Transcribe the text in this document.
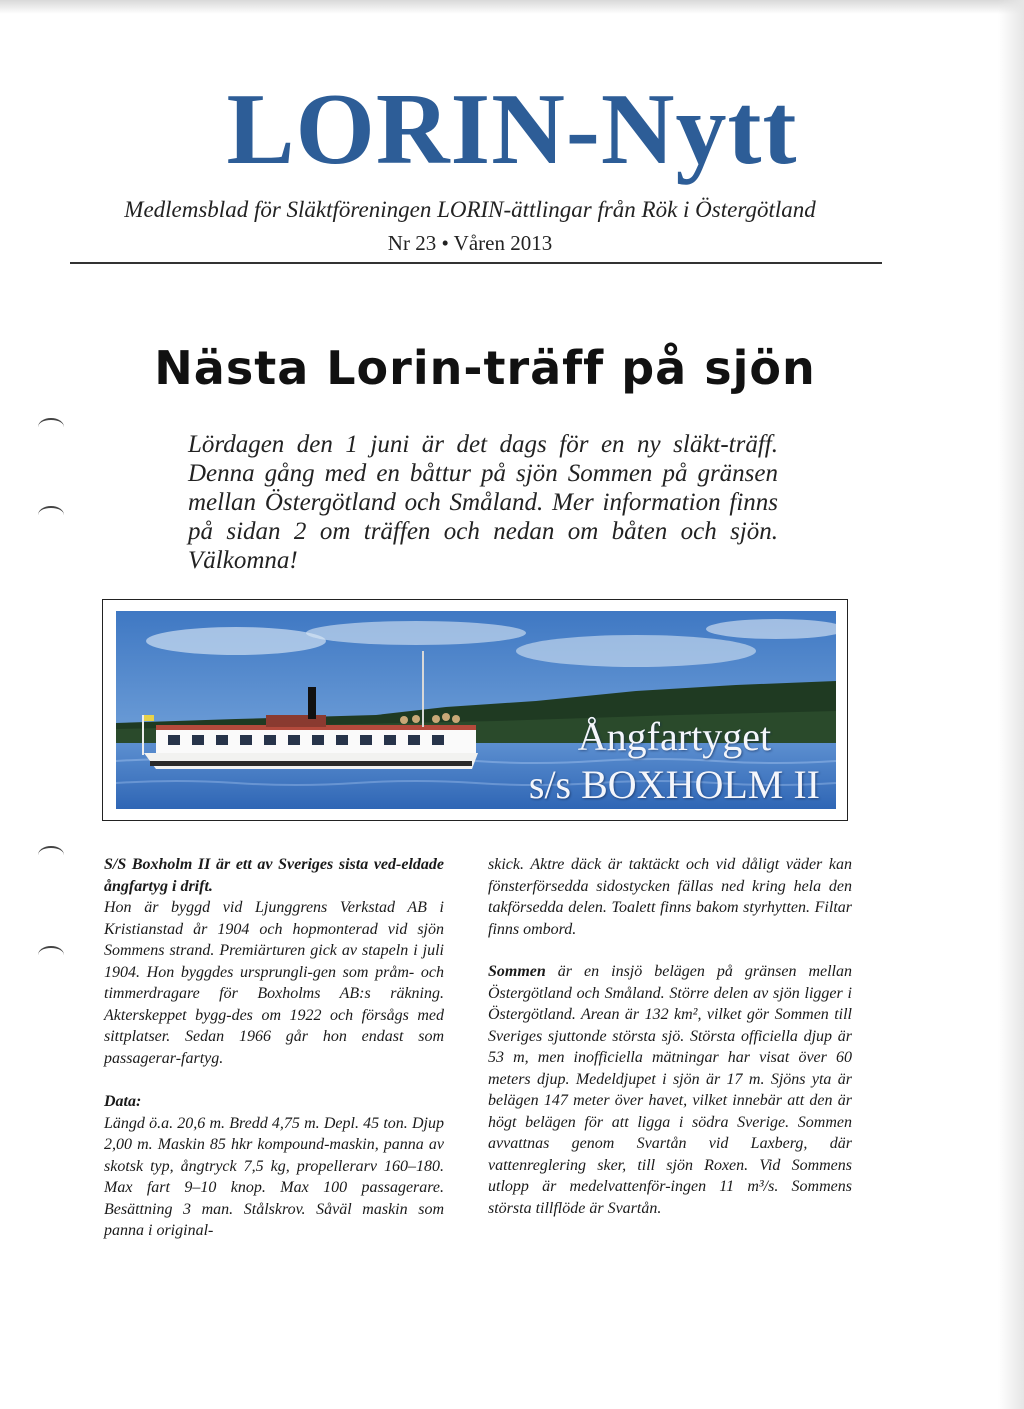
LORIN-Nytt
Medlemsblad för Släktföreningen LORIN-ättlingar från Rök i Östergötland
Nr 23 • Våren 2013
Nästa Lorin-träff på sjön

Lördagen den 1 juni är det dags för en ny släkt-träff. Denna gång med en båttur på sjön Sommen på gränsen mellan Östergötland och Småland. Mer information finns på sidan 2 om träffen och nedan om båten och sjön. Välkomna!

Ångfartyget
s/s BOXHOLM II

S/S Boxholm II är ett av Sveriges sista ved-eldade ångfartyg i drift.

Hon är byggd vid Ljunggrens Verkstad AB i Kristianstad år 1904 och hopmonterad vid sjön Sommens strand. Premiärturen gick av stapeln i juli 1904. Hon byggdes ursprungli-gen som pråm- och timmerdragare för Boxholms AB:s räkning. Akterskeppet bygg-des om 1922 och försågs med sittplatser. Sedan 1966 går hon endast som passagerar-fartyg.

Data:

Längd ö.a. 20,6 m. Bredd 4,75 m. Depl. 45 ton. Djup 2,00 m. Maskin 85 hkr kompound-maskin, panna av skotsk typ, ångtryck 7,5 kg, propellerarv 160–180. Max fart 9–10 knop. Max 100 passagerare. Besättning 3 man. Stålskrov. Såväl maskin som panna i original-

skick. Aktre däck är taktäckt och vid dåligt väder kan fönsterförsedda sidostycken fällas ned kring hela den takförsedda delen. Toalett finns bakom styrhytten. Filtar finns ombord.

Sommen är en insjö belägen på gränsen mellan Östergötland och Småland. Större delen av sjön ligger i Östergötland. Arean är 132 km², vilket gör Sommen till Sveriges sjuttonde största sjö. Största officiella djup är 53 m, men inofficiella mätningar har visat över 60 meters djup. Medeldjupet i sjön är 17 m. Sjöns yta är belägen 147 meter över havet, vilket innebär att den är högt belägen för att ligga i södra Sverige. Sommen avvattnas genom Svartån vid Laxberg, där vattenreglering sker, till sjön Roxen. Vid Sommens utlopp är medelvattenför-ingen 11 m³/s. Sommens största tillflöde är Svartån.
